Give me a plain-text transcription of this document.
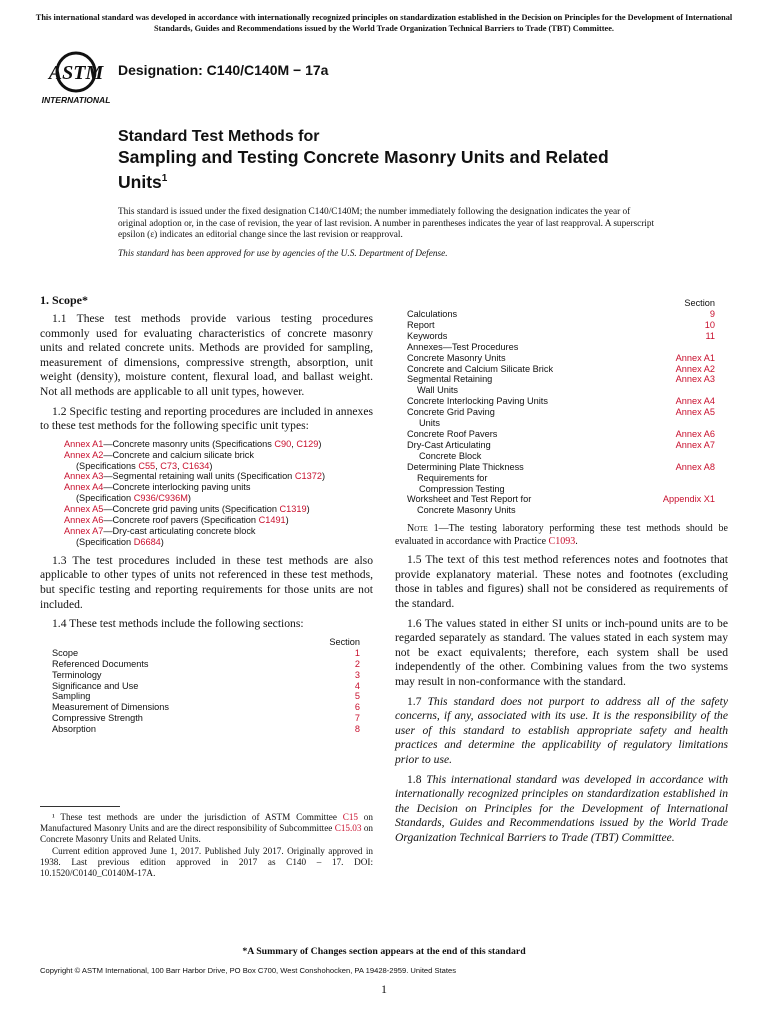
This international standard was developed in accordance with internationally recognized principles on standardization established in the Decision on Principles for the Development of International Standards, Guides and Recommendations issued by the World Trade Organization Technical Barriers to Trade (TBT) Committee.
ASTM
INTERNATIONAL
Designation: C140/C140M − 17a
Standard Test Methods for
Sampling and Testing Concrete Masonry Units and Related Units$^1$
This standard is issued under the fixed designation C140/C140M; the number immediately following the designation indicates the year of original adoption or, in the case of revision, the year of last revision. A number in parentheses indicates the year of last reapproval. A superscript epsilon (ε) indicates an editorial change since the last revision or reapproval.
This standard has been approved for use by agencies of the U.S. Department of Defense.
1. Scope*

1.1 These test methods provide various testing procedures commonly used for evaluating characteristics of concrete masonry units and related concrete units. Methods are provided for sampling, measurement of dimensions, compressive strength, absorption, unit weight (density), moisture content, flexural load, and ballast weight. Not all methods are applicable to all unit types, however.

1.2 Specific testing and reporting procedures are included in annexes to these test methods for the following specific unit types:

Annex A1—Concrete masonry units (Specifications C90, C129)
Annex A2—Concrete and calcium silicate brick
(Specifications C55, C73, C1634)
Annex A3—Segmental retaining wall units (Specification C1372)
Annex A4—Concrete interlocking paving units
(Specification C936/C936M)
Annex A5—Concrete grid paving units (Specification C1319)
Annex A6—Concrete roof pavers (Specification C1491)
Annex A7—Dry-cast articulating concrete block
(Specification D6684)

1.3 The test procedures included in these test methods are also applicable to other types of units not referenced in these test methods, but specific testing and reporting requirements for those units are not included.

1.4 These test methods include the following sections:

Section
Scope	1
Referenced Documents	2
Terminology	3
Significance and Use	4
Sampling	5
Measurement of Dimensions	6
Compressive Strength	7
Absorption	8
Section
Calculations	9
Report	10
Keywords	11
Annexes—Test Procedures	
Concrete Masonry Units	Annex A1
Concrete and Calcium Silicate Brick	Annex A2
Segmental Retaining	Annex A3
Wall Units	
Concrete Interlocking Paving Units	Annex A4
Concrete Grid Paving	Annex A5
Units	
Concrete Roof Pavers	Annex A6
Dry-Cast Articulating	Annex A7
Concrete Block	
Determining Plate Thickness	Annex A8
Requirements for	
Compression Testing	
Worksheet and Test Report for	Appendix X1
Concrete Masonry Units	

Note 1—The testing laboratory performing these test methods should be evaluated in accordance with Practice C1093.

1.5 The text of this test method references notes and footnotes that provide explanatory material. These notes and footnotes (excluding those in tables and figures) shall not be considered as requirements of the standard.

1.6 The values stated in either SI units or inch-pound units are to be regarded separately as standard. The values stated in each system may not be exact equivalents; therefore, each system shall be used independently of the other. Combining values from the two systems may result in non-conformance with the standard.

1.7 This standard does not purport to address all of the safety concerns, if any, associated with its use. It is the responsibility of the user of this standard to establish appropriate safety and health practices and determine the applicability of regulatory limitations prior to use.

1.8 This international standard was developed in accordance with internationally recognized principles on standardization established in the Decision on Principles for the Development of International Standards, Guides and Recommendations issued by the World Trade Organization Technical Barriers to Trade (TBT) Committee.

¹ These test methods are under the jurisdiction of ASTM Committee C15 on Manufactured Masonry Units and are the direct responsibility of Subcommittee C15.03 on Concrete Masonry Units and Related Units.

Current edition approved June 1, 2017. Published July 2017. Originally approved in 1938. Last previous edition approved in 2017 as C140 – 17. DOI: 10.1520/C0140_C0140M-17A.

*A Summary of Changes section appears at the end of this standard
Copyright © ASTM International, 100 Barr Harbor Drive, PO Box C700, West Conshohocken, PA 19428-2959. United States
1
